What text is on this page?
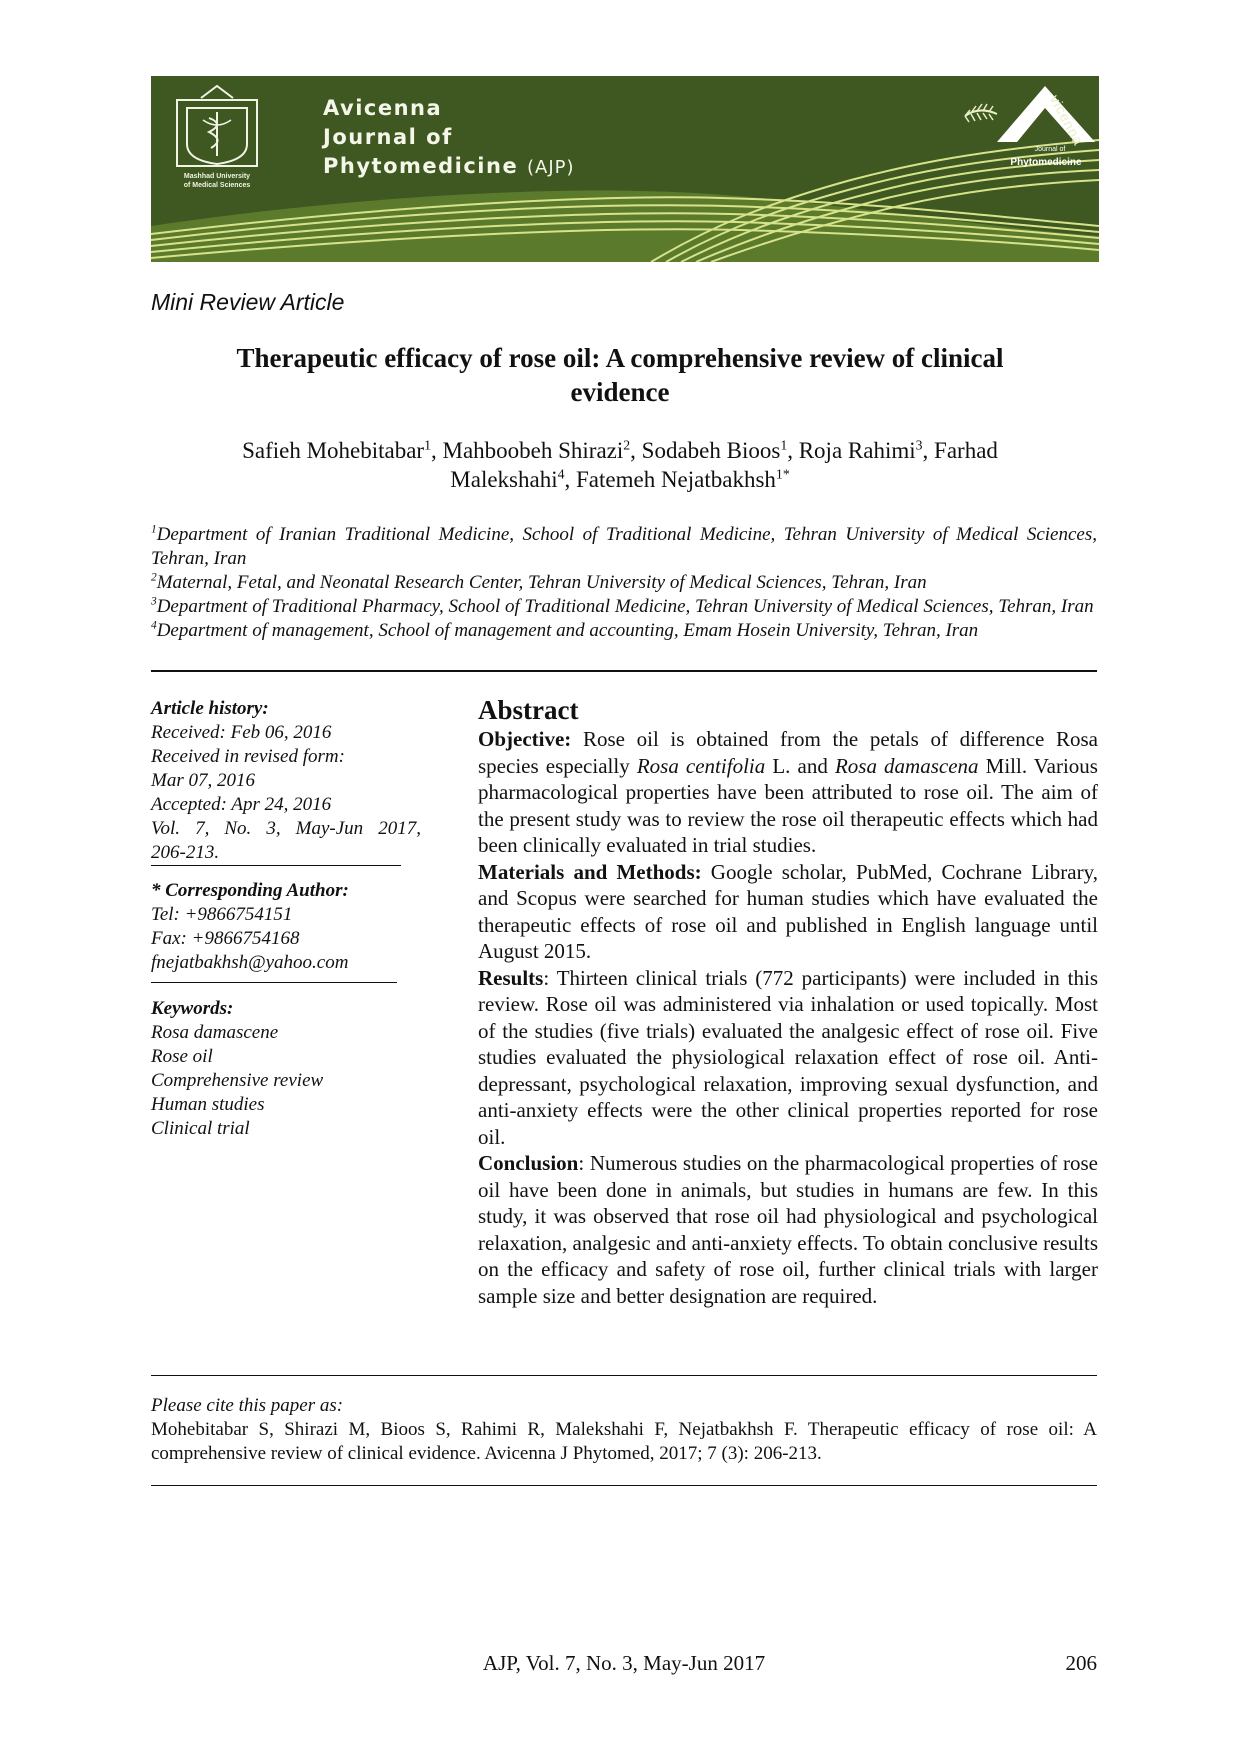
Mashhad University
of Medical Sciences
Avicenna
Journal of
Phytomedicine (AJP)
vicenna
Journal of
Phytomedicine
Mini Review Article
Therapeutic efficacy of rose oil: A comprehensive review of clinical
evidence
Safieh Mohebitabar$^1$, Mahboobeh Shirazi$^2$, Sodabeh Bioos$^1$, Roja Rahimi$^3$, Farhad
Malekshahi$^4$, Fatemeh Nejatbakhsh$^{1*}$
$^1$Department of Iranian Traditional Medicine, School of Traditional Medicine, Tehran University of Medical Sciences, Tehran, Iran
$^2$Maternal, Fetal, and Neonatal Research Center, Tehran University of Medical Sciences, Tehran, Iran
$^3$Department of Traditional Pharmacy, School of Traditional Medicine, Tehran University of Medical Sciences, Tehran, Iran
$^4$Department of management, School of management and accounting, Emam Hosein University, Tehran, Iran
Article history:
Received: Feb 06, 2016
Received in revised form:
Mar 07, 2016
Accepted: Apr 24, 2016
Vol. 7, No. 3, May-Jun 2017,
206-213.
* Corresponding Author:
Tel: +9866754151
Fax: +9866754168
fnejatbakhsh@yahoo.com
Keywords:
Rosa damascene
Rose oil
Comprehensive review
Human studies
Clinical trial
Abstract

Objective: Rose oil is obtained from the petals of difference Rosa species especially Rosa centifolia L. and Rosa damascena Mill. Various pharmacological properties have been attributed to rose oil. The aim of the present study was to review the rose oil therapeutic effects which had been clinically evaluated in trial studies.

Materials and Methods: Google scholar, PubMed, Cochrane Library, and Scopus were searched for human studies which have evaluated the therapeutic effects of rose oil and published in English language until August 2015.

Results: Thirteen clinical trials (772 participants) were included in this review. Rose oil was administered via inhalation or used topically. Most of the studies (five trials) evaluated the analgesic effect of rose oil. Five studies evaluated the physiological relaxation effect of rose oil. Anti-depressant, psychological relaxation, improving sexual dysfunction, and anti-anxiety effects were the other clinical properties reported for rose oil.

Conclusion: Numerous studies on the pharmacological properties of rose oil have been done in animals, but studies in humans are few. In this study, it was observed that rose oil had physiological and psychological relaxation, analgesic and anti-anxiety effects. To obtain conclusive results on the efficacy and safety of rose oil, further clinical trials with larger sample size and better designation are required.

Please cite this paper as:
Mohebitabar S, Shirazi M, Bioos S, Rahimi R, Malekshahi F, Nejatbakhsh F. Therapeutic efficacy of rose oil: A comprehensive review of clinical evidence. Avicenna J Phytomed, 2017; 7 (3): 206-213.
AJP, Vol. 7, No. 3, May-Jun 2017	206
